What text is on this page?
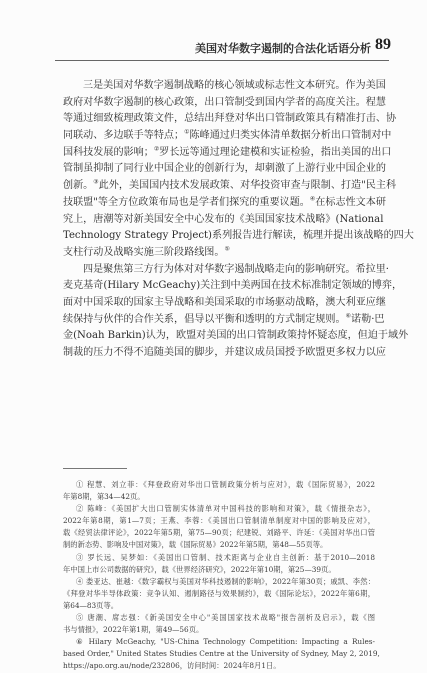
美国对华数字遏制的合法化话语分析 89
三是美国对华数字遏制战略的核心领域或标志性文本研究。作为美国
政府对华数字遏制的核心政策，出口管制受到国内学者的高度关注。程慧
等通过细致梳理政策文件，总结出拜登对华出口管制政策具有精准打击、协
同联动、多边联手等特点；①陈峰通过归类实体清单数据分析出口管制对中
国科技发展的影响；②罗长远等通过理论建模和实证检验，指出美国的出口
管制虽抑制了同行业中国企业的创新行为，却刺激了上游行业中国企业的
创新。③此外，美国国内技术发展政策、对华投资审查与限制、打造"民主科
技联盟"等全方位政策布局也是学者们探究的重要议题。④在标志性文本研
究上，唐潮等对新美国安全中心发布的《美国国家技术战略》(National
Technology Strategy Project)系列报告进行解读，梳理并提出该战略的四大
支柱行动及战略实施三阶段路线图。⑤
四是聚焦第三方行为体对对华数字遏制战略走向的影响研究。希拉里·
麦克基奇(Hilary McGeachy)关注到中美两国在技术标准制定领域的博弈，
面对中国采取的国家主导战略和美国采取的市场驱动战略，澳大利亚应继
续保持与伙伴的合作关系，倡导以平衡和透明的方式制定规则。⑥诺勒·巴
金(Noah Barkin)认为，欧盟对美国的出口管制政策持怀疑态度，但迫于域外
制裁的压力不得不追随美国的脚步，并建议成员国授予欧盟更多权力以应
① 程慧、刘立菲：《拜登政府对华出口管制政策分析与应对》，载《国际贸易》，2022
年第8期，第34—42页。
② 陈峰：《美国扩大出口管制实体清单对中国科技的影响和对策》，载《情报杂志》，
2022年第8期，第1—7页；王燕、李蓉：《美国出口管制清单制度对中国的影响及应对》，
载《经贸法律评论》，2022年第5期，第75—90页；纪建锐、刘路平、许延：《美国对华出口管
制的新态势、影响及中国对策》，载《国际贸易》2022年第5期，第48—55页等。
③ 罗长远、吴梦如：《美国出口管制、技术距离与企业自主创新：基于2010—2018
年中国上市公司数据的研究》，载《世界经济研究》，2022年第10期，第25—39页。
④ 娄亚达、崔越：《数字霸权与美国对华科技遏制的影响》，2022年第30页；戚凯、李然：
《拜登对华半导体政策：竞争认知、遏制路径与效果制约》，载《国际论坛》，2022年第6期，
第64—83页等。
⑤ 唐潮、席志强：《新美国安全中心"美国国家技术战略"报告剖析及启示》，载《图
书与情报》，2022年第1期，第49—56页。
⑥ Hilary McGeachy, "US-China Technology Competition: Impacting a Rules-
based Order," United States Studies Centre at the University of Sydney, May 2, 2019,
https://apo.org.au/node/232806，访问时间：2024年8月1日。
